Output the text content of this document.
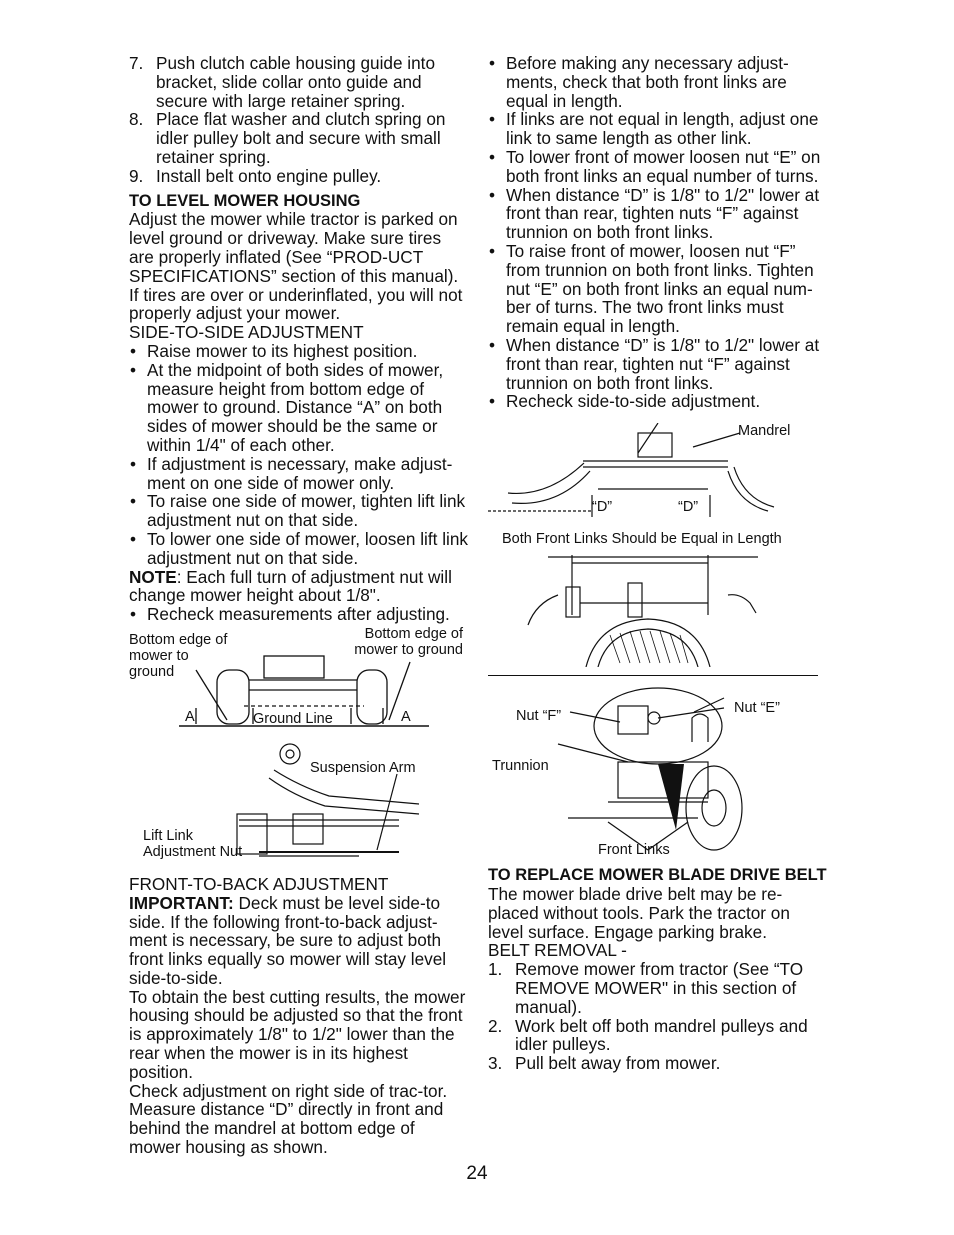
7. Push clutch cable housing guide into bracket, slide collar onto guide and secure with large retainer spring.
8. Place flat washer and clutch spring on idler pulley bolt and secure with small retainer spring.
9. Install belt onto engine pulley.

TO LEVEL MOWER HOUSING

Adjust the mower while tractor is parked on level ground or driveway. Make sure tires are properly inflated (See “PROD-UCT SPECIFICATIONS” section of this manual). If tires are over or underinflated, you will not properly adjust your mower.

SIDE-TO-SIDE ADJUSTMENT

• Raise mower to its highest position.
• At the midpoint of both sides of mower, measure height from bottom edge of mower to ground. Distance “A” on both sides of mower should be the same or within 1/4" of each other.
• If adjustment is necessary, make adjust-ment on one side of mower only.
• To raise one side of mower, tighten lift link adjustment nut on that side.
• To lower one side of mower, loosen lift link adjustment nut on that side.

NOTE: Each full turn of adjustment nut will change mower height about 1/8".

• Recheck measurements after adjusting.
Bottom edge of mower to ground
Bottom edge of mower to ground
A	A
Ground Line
Suspension Arm
Lift Link Adjustment Nut

FRONT-TO-BACK ADJUSTMENT

IMPORTANT: Deck must be level side-to side. If the following front-to-back adjust-ment is necessary, be sure to adjust both front links equally so mower will stay level side-to-side.

To obtain the best cutting results, the mower housing should be adjusted so that the front is approximately 1/8" to 1/2" lower than the rear when the mower is in its highest position.

Check adjustment on right side of trac-tor. Measure distance “D” directly in front and behind the mandrel at bottom edge of mower housing as shown.

• Before making any necessary adjust-ments, check that both front links are equal in length.
• If links are not equal in length, adjust one link to same length as other link.
• To lower front of mower loosen nut “E” on both front links an equal number of turns.
• When distance “D” is 1/8" to 1/2" lower at front than rear, tighten nuts “F” against trunnion on both front links.
• To raise front of mower, loosen nut “F” from trunnion on both front links. Tighten nut “E” on both front links an equal num-ber of turns. The two front links must remain equal in length.
• When distance “D” is 1/8" to 1/2" lower at front than rear, tighten nut “F” against trunnion on both front links.
• Recheck side-to-side adjustment.
Mandrel
“D”	“D”
Both Front Links Should be Equal in Length
Nut “F”	Nut “E”
Trunnion
Front Links

TO REPLACE MOWER BLADE DRIVE BELT

The mower blade drive belt may be re-placed without tools. Park the tractor on level surface. Engage parking brake.

BELT REMOVAL -

1. Remove mower from tractor (See “TO REMOVE MOWER" in this section of manual).
2. Work belt off both mandrel pulleys and idler pulleys.
3. Pull belt away from mower.
24
